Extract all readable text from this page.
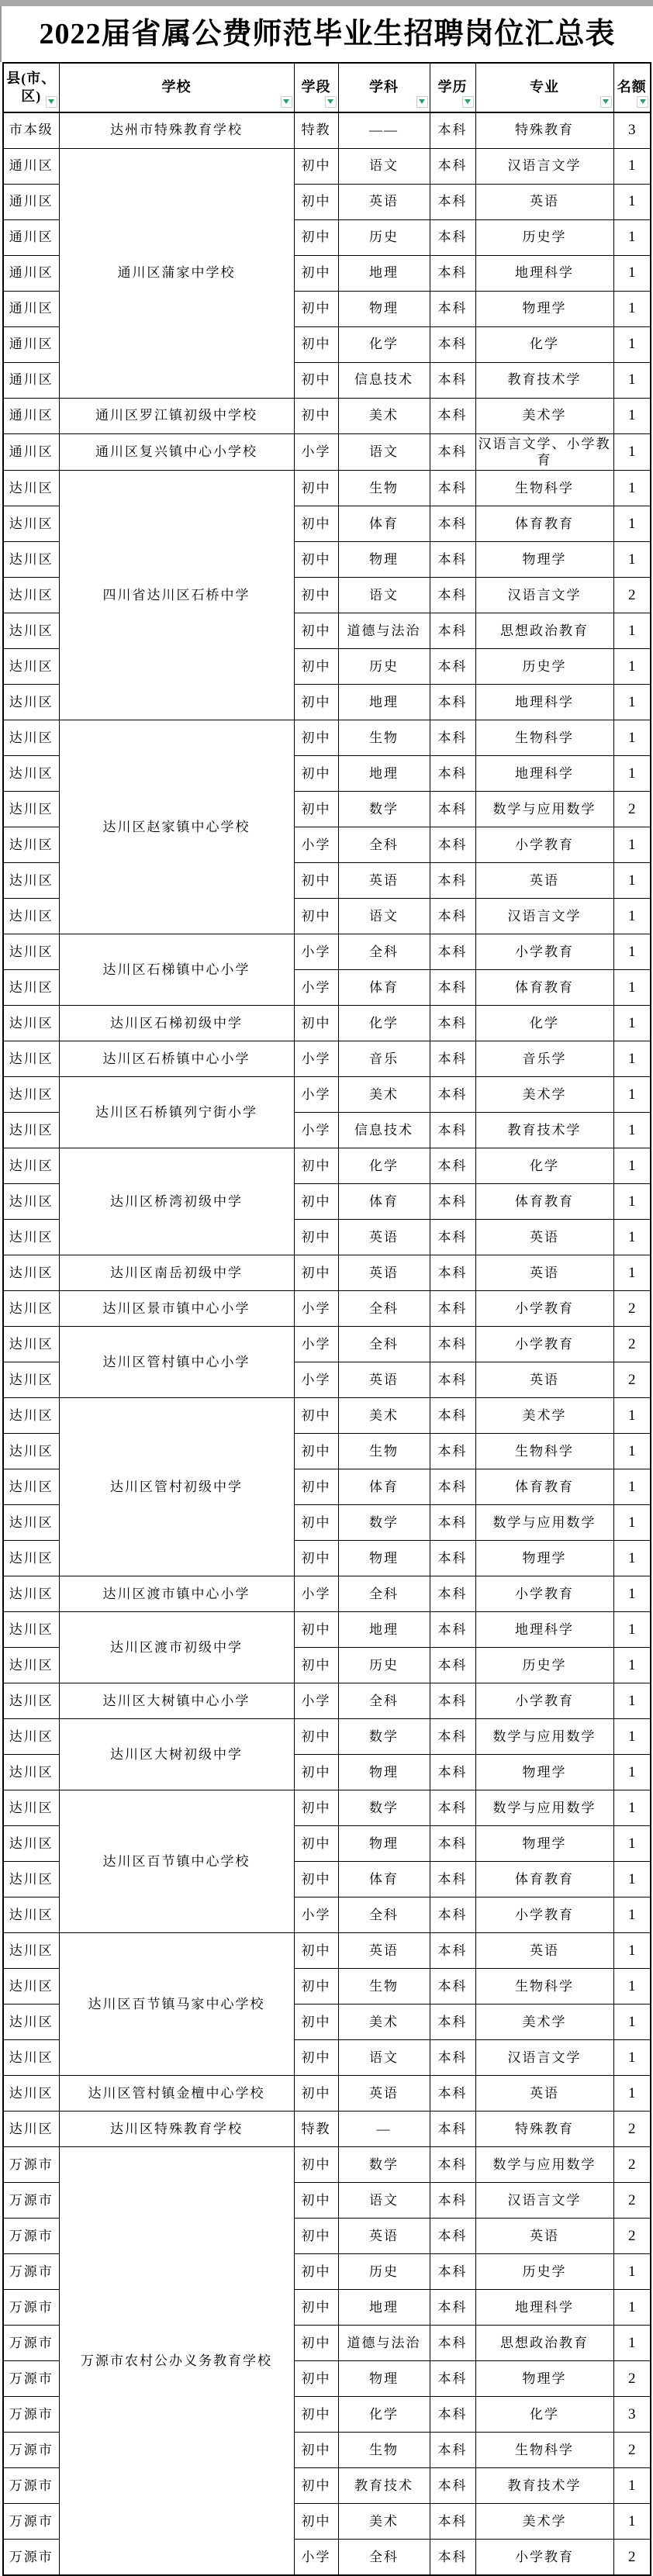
2022届省属公费师范毕业生招聘岗位汇总表
县(市、区)	学校	学段	学科	学历	专业	名额

市本级	达州市特殊教育学校	特教	——	本科	特殊教育	3
通川区	通川区蒲家中学校	初中	语文	本科	汉语言文学	1
通川区		初中	英语	本科	英语	1
通川区		初中	历史	本科	历史学	1
通川区		初中	地理	本科	地理科学	1
通川区		初中	物理	本科	物理学	1
通川区		初中	化学	本科	化学	1
通川区		初中	信息技术	本科	教育技术学	1
通川区	通川区罗江镇初级中学校	初中	美术	本科	美术学	1
通川区	通川区复兴镇中心小学校	小学	语文	本科	汉语言文学、小学教育	1
达川区	四川省达川区石桥中学	初中	生物	本科	生物科学	1
达川区		初中	体育	本科	体育教育	1
达川区		初中	物理	本科	物理学	1
达川区		初中	语文	本科	汉语言文学	2
达川区		初中	道德与法治	本科	思想政治教育	1
达川区		初中	历史	本科	历史学	1
达川区		初中	地理	本科	地理科学	1
达川区	达川区赵家镇中心学校	初中	生物	本科	生物科学	1
达川区		初中	地理	本科	地理科学	1
达川区		初中	数学	本科	数学与应用数学	2
达川区		小学	全科	本科	小学教育	1
达川区		初中	英语	本科	英语	1
达川区		初中	语文	本科	汉语言文学	1
达川区	达川区石梯镇中心小学	小学	全科	本科	小学教育	1
达川区		小学	体育	本科	体育教育	1
达川区	达川区石梯初级中学	初中	化学	本科	化学	1
达川区	达川区石桥镇中心小学	小学	音乐	本科	音乐学	1
达川区	达川区石桥镇列宁街小学	小学	美术	本科	美术学	1
达川区		小学	信息技术	本科	教育技术学	1
达川区	达川区桥湾初级中学	初中	化学	本科	化学	1
达川区		初中	体育	本科	体育教育	1
达川区		初中	英语	本科	英语	1
达川区	达川区南岳初级中学	初中	英语	本科	英语	1
达川区	达川区景市镇中心小学	小学	全科	本科	小学教育	2
达川区	达川区管村镇中心小学	小学	全科	本科	小学教育	2
达川区		小学	英语	本科	英语	2
达川区	达川区管村初级中学	初中	美术	本科	美术学	1
达川区		初中	生物	本科	生物科学	1
达川区		初中	体育	本科	体育教育	1
达川区		初中	数学	本科	数学与应用数学	1
达川区		初中	物理	本科	物理学	1
达川区	达川区渡市镇中心小学	小学	全科	本科	小学教育	1
达川区	达川区渡市初级中学	初中	地理	本科	地理科学	1
达川区		初中	历史	本科	历史学	1
达川区	达川区大树镇中心小学	小学	全科	本科	小学教育	1
达川区	达川区大树初级中学	初中	数学	本科	数学与应用数学	1
达川区		初中	物理	本科	物理学	1
达川区	达川区百节镇中心学校	初中	数学	本科	数学与应用数学	1
达川区		初中	物理	本科	物理学	1
达川区		初中	体育	本科	体育教育	1
达川区		小学	全科	本科	小学教育	1
达川区	达川区百节镇马家中心学校	初中	英语	本科	英语	1
达川区		初中	生物	本科	生物科学	1
达川区		初中	美术	本科	美术学	1
达川区		初中	语文	本科	汉语言文学	1
达川区	达川区管村镇金檀中心学校	初中	英语	本科	英语	1
达川区	达川区特殊教育学校	特教	—	本科	特殊教育	2
万源市	万源市农村公办义务教育学校	初中	数学	本科	数学与应用数学	2
万源市		初中	语文	本科	汉语言文学	2
万源市		初中	英语	本科	英语	2
万源市		初中	历史	本科	历史学	1
万源市		初中	地理	本科	地理科学	1
万源市		初中	道德与法治	本科	思想政治教育	1
万源市		初中	物理	本科	物理学	2
万源市		初中	化学	本科	化学	3
万源市		初中	生物	本科	生物科学	2
万源市		初中	教育技术	本科	教育技术学	1
万源市		初中	美术	本科	美术学	1
万源市		小学	全科	本科	小学教育	2
